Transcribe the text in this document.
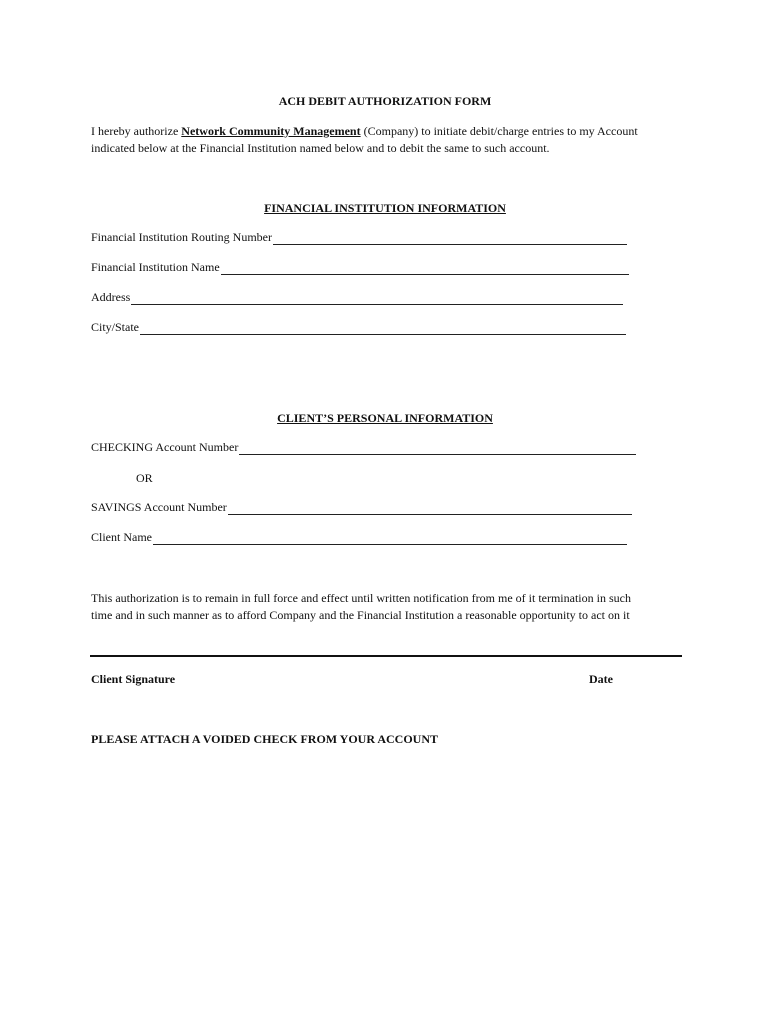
ACH DEBIT AUTHORIZATION FORM
I hereby authorize Network Community Management (Company) to initiate debit/charge entries to my Account
indicated below at the Financial Institution named below and to debit the same to such account.
FINANCIAL INSTITUTION INFORMATION
Financial Institution Routing Number
Financial Institution Name
Address
City/State
CLIENT’S PERSONAL INFORMATION
CHECKING Account Number
OR
SAVINGS Account Number
Client Name
This authorization is to remain in full force and effect until written notification from me of it termination in such
time and in such manner as to afford Company and the Financial Institution a reasonable opportunity to act on it
Client Signature	Date
PLEASE ATTACH A VOIDED CHECK FROM YOUR ACCOUNT
